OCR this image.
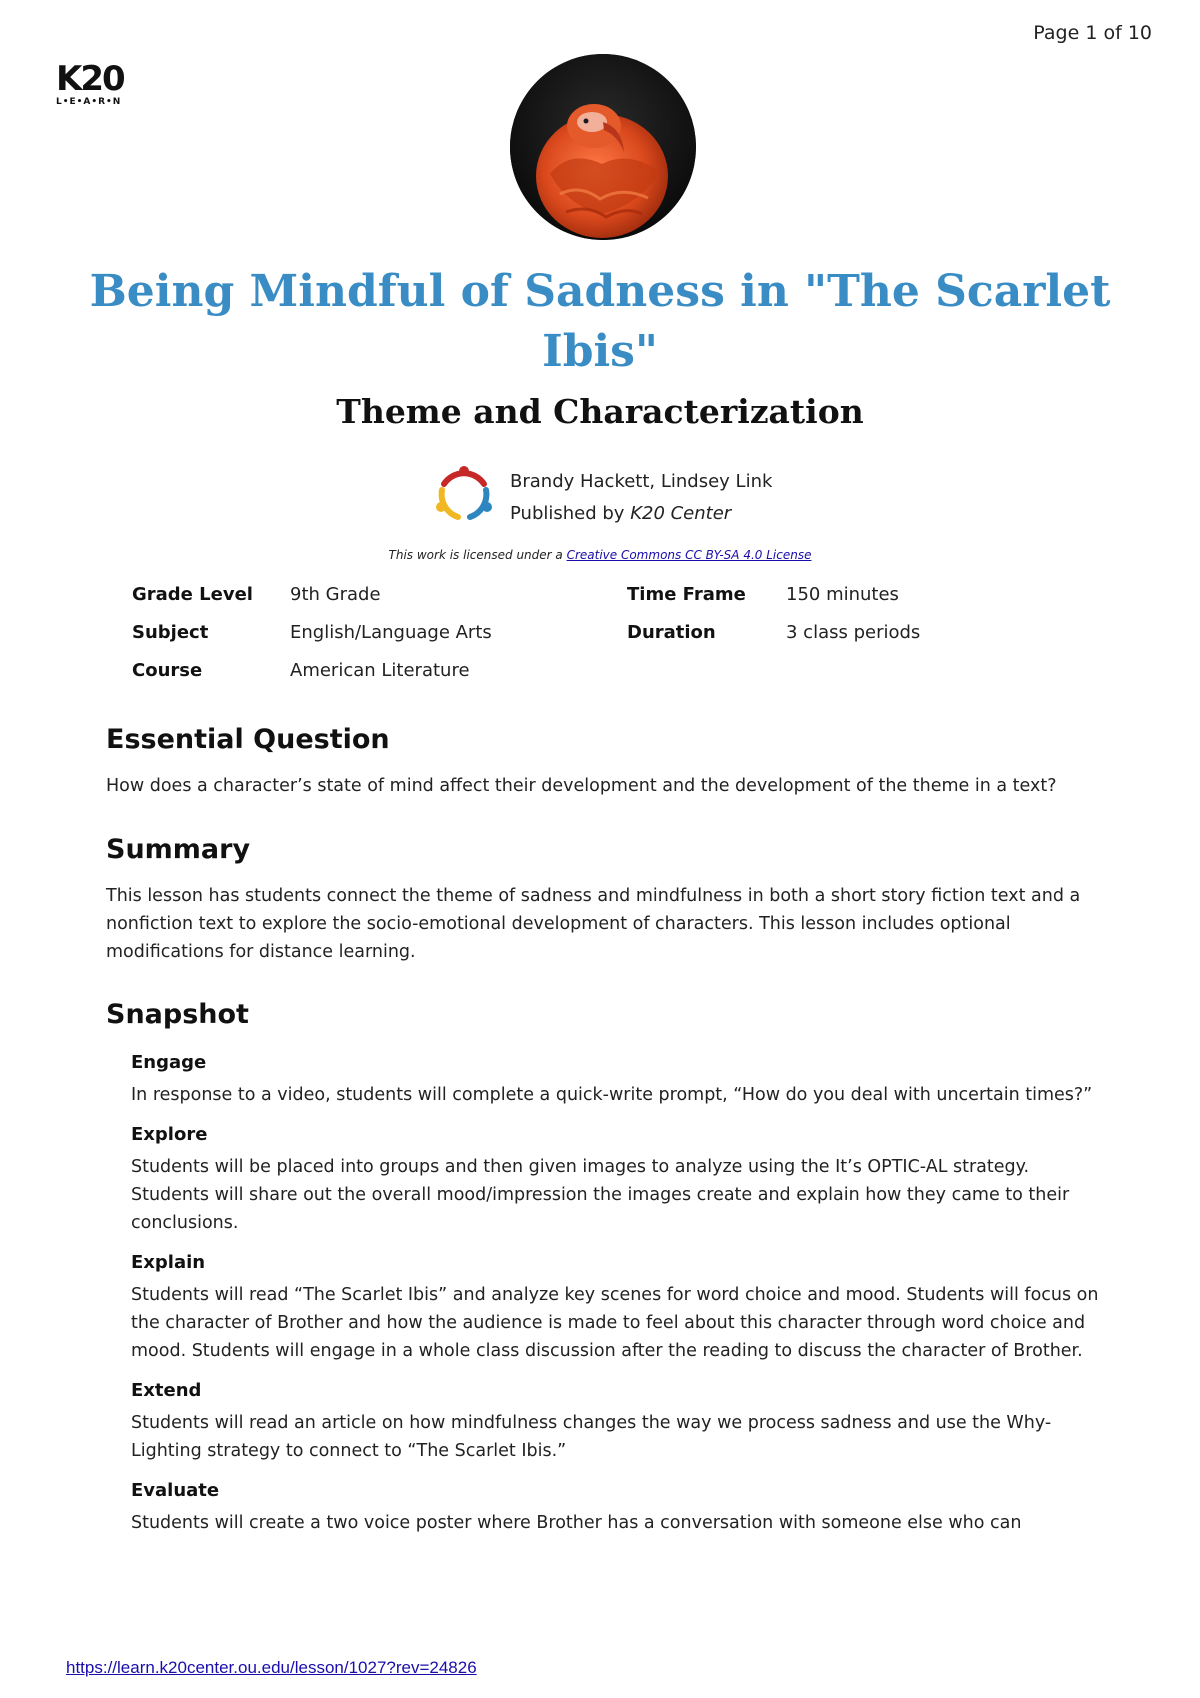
Page 1 of 10
K20
L•E•A•R•N
Being Mindful of Sadness in "The Scarlet Ibis"
Theme and Characterization
Brandy Hackett, Lindsey Link
Published by K20 Center
This work is licensed under a Creative Commons CC BY-SA 4.0 License
Grade Level 9th Grade	Time Frame 150 minutes
Subject	English/Language Arts	Duration	3 class periods
Course	American Literature
Essential Question

How does a character’s state of mind affect their development and the development of the theme in a text?

Summary

This lesson has students connect the theme of sadness and mindfulness in both a short story fiction text and a nonfiction text to explore the socio-emotional development of characters. This lesson includes optional modifications for distance learning.

Snapshot
Engage
In response to a video, students will complete a quick-write prompt, “How do you deal with uncertain times?”
Explore
Students will be placed into groups and then given images to analyze using the It’s OPTIC-AL strategy. Students will share out the overall mood/impression the images create and explain how they came to their conclusions.
Explain
Students will read “The Scarlet Ibis” and analyze key scenes for word choice and mood. Students will focus on the character of Brother and how the audience is made to feel about this character through word choice and mood. Students will engage in a whole class discussion after the reading to discuss the character of Brother.
Extend
Students will read an article on how mindfulness changes the way we process sadness and use the Why-Lighting strategy to connect to “The Scarlet Ibis.”
Evaluate
Students will create a two voice poster where Brother has a conversation with someone else who can
https://learn.k20center.ou.edu/lesson/1027?rev=24826
